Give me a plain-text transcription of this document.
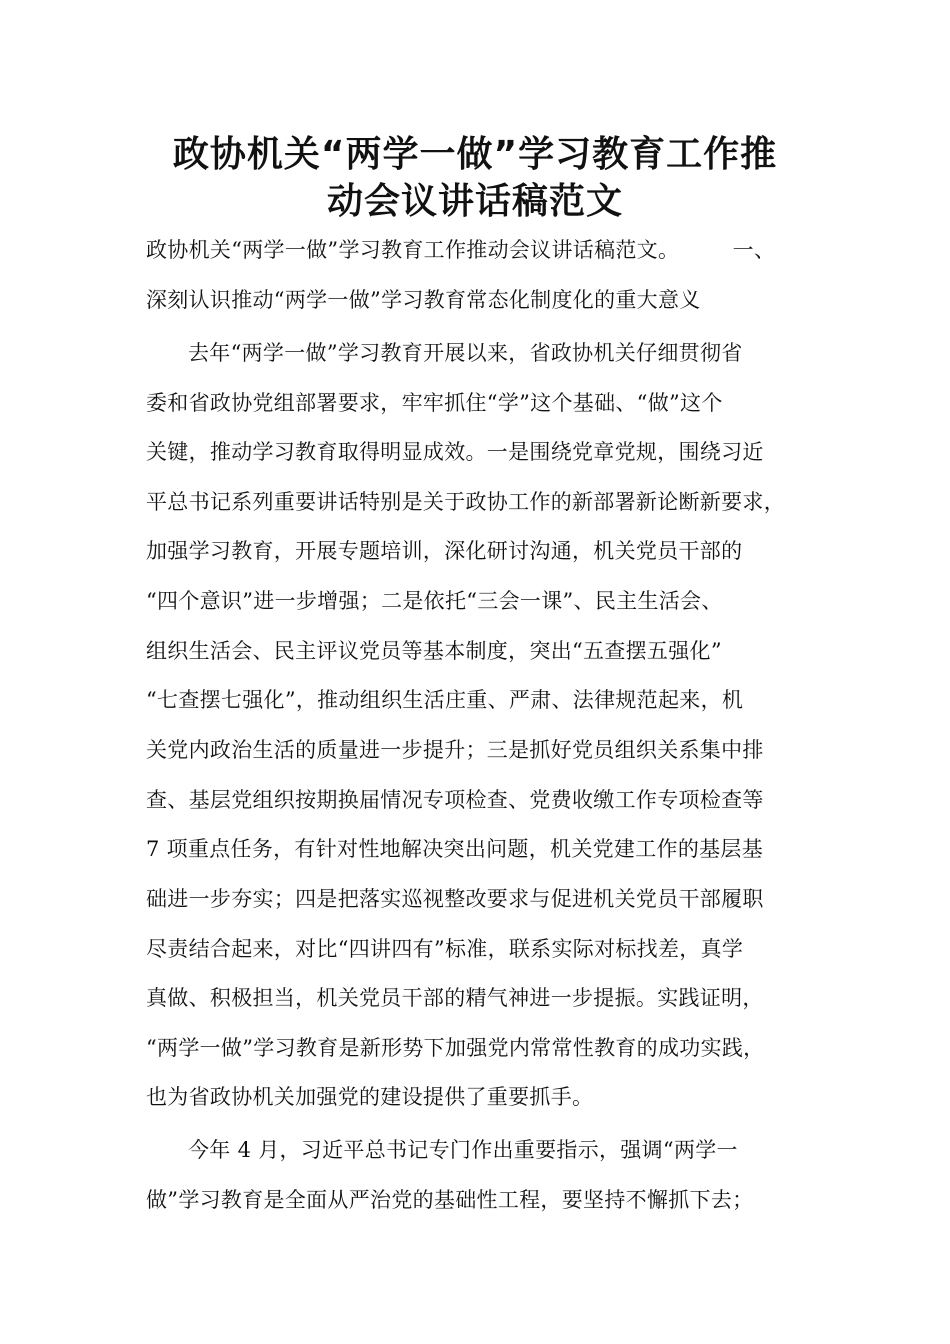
政协机关“两学一做”学习教育工作推
动会议讲话稿范文
政协机关“两学一做”学习教育工作推动会议讲话稿范文。　　　一、
深刻认识推动“两学一做”学习教育常态化制度化的重大意义
去年“两学一做”学习教育开展以来，省政协机关仔细贯彻省
委和省政协党组部署要求，牢牢抓住“学”这个基础、“做”这个
关键，推动学习教育取得明显成效。一是围绕党章党规，围绕习近
平总书记系列重要讲话特别是关于政协工作的新部署新论断新要求，
加强学习教育，开展专题培训，深化研讨沟通，机关党员干部的
“四个意识”进一步增强；二是依托“三会一课”、民主生活会、
组织生活会、民主评议党员等基本制度，突出“五查摆五强化”
“七查摆七强化”，推动组织生活庄重、严肃、法律规范起来，机
关党内政治生活的质量进一步提升；三是抓好党员组织关系集中排
查、基层党组织按期换届情况专项检查、党费收缴工作专项检查等
7 项重点任务，有针对性地解决突出问题，机关党建工作的基层基
础进一步夯实；四是把落实巡视整改要求与促进机关党员干部履职
尽责结合起来，对比“四讲四有”标准，联系实际对标找差，真学
真做、积极担当，机关党员干部的精气神进一步提振。实践证明，
“两学一做”学习教育是新形势下加强党内常常性教育的成功实践，
也为省政协机关加强党的建设提供了重要抓手。
今年 4 月，习近平总书记专门作出重要指示，强调“两学一
做”学习教育是全面从严治党的基础性工程，要坚持不懈抓下去；
